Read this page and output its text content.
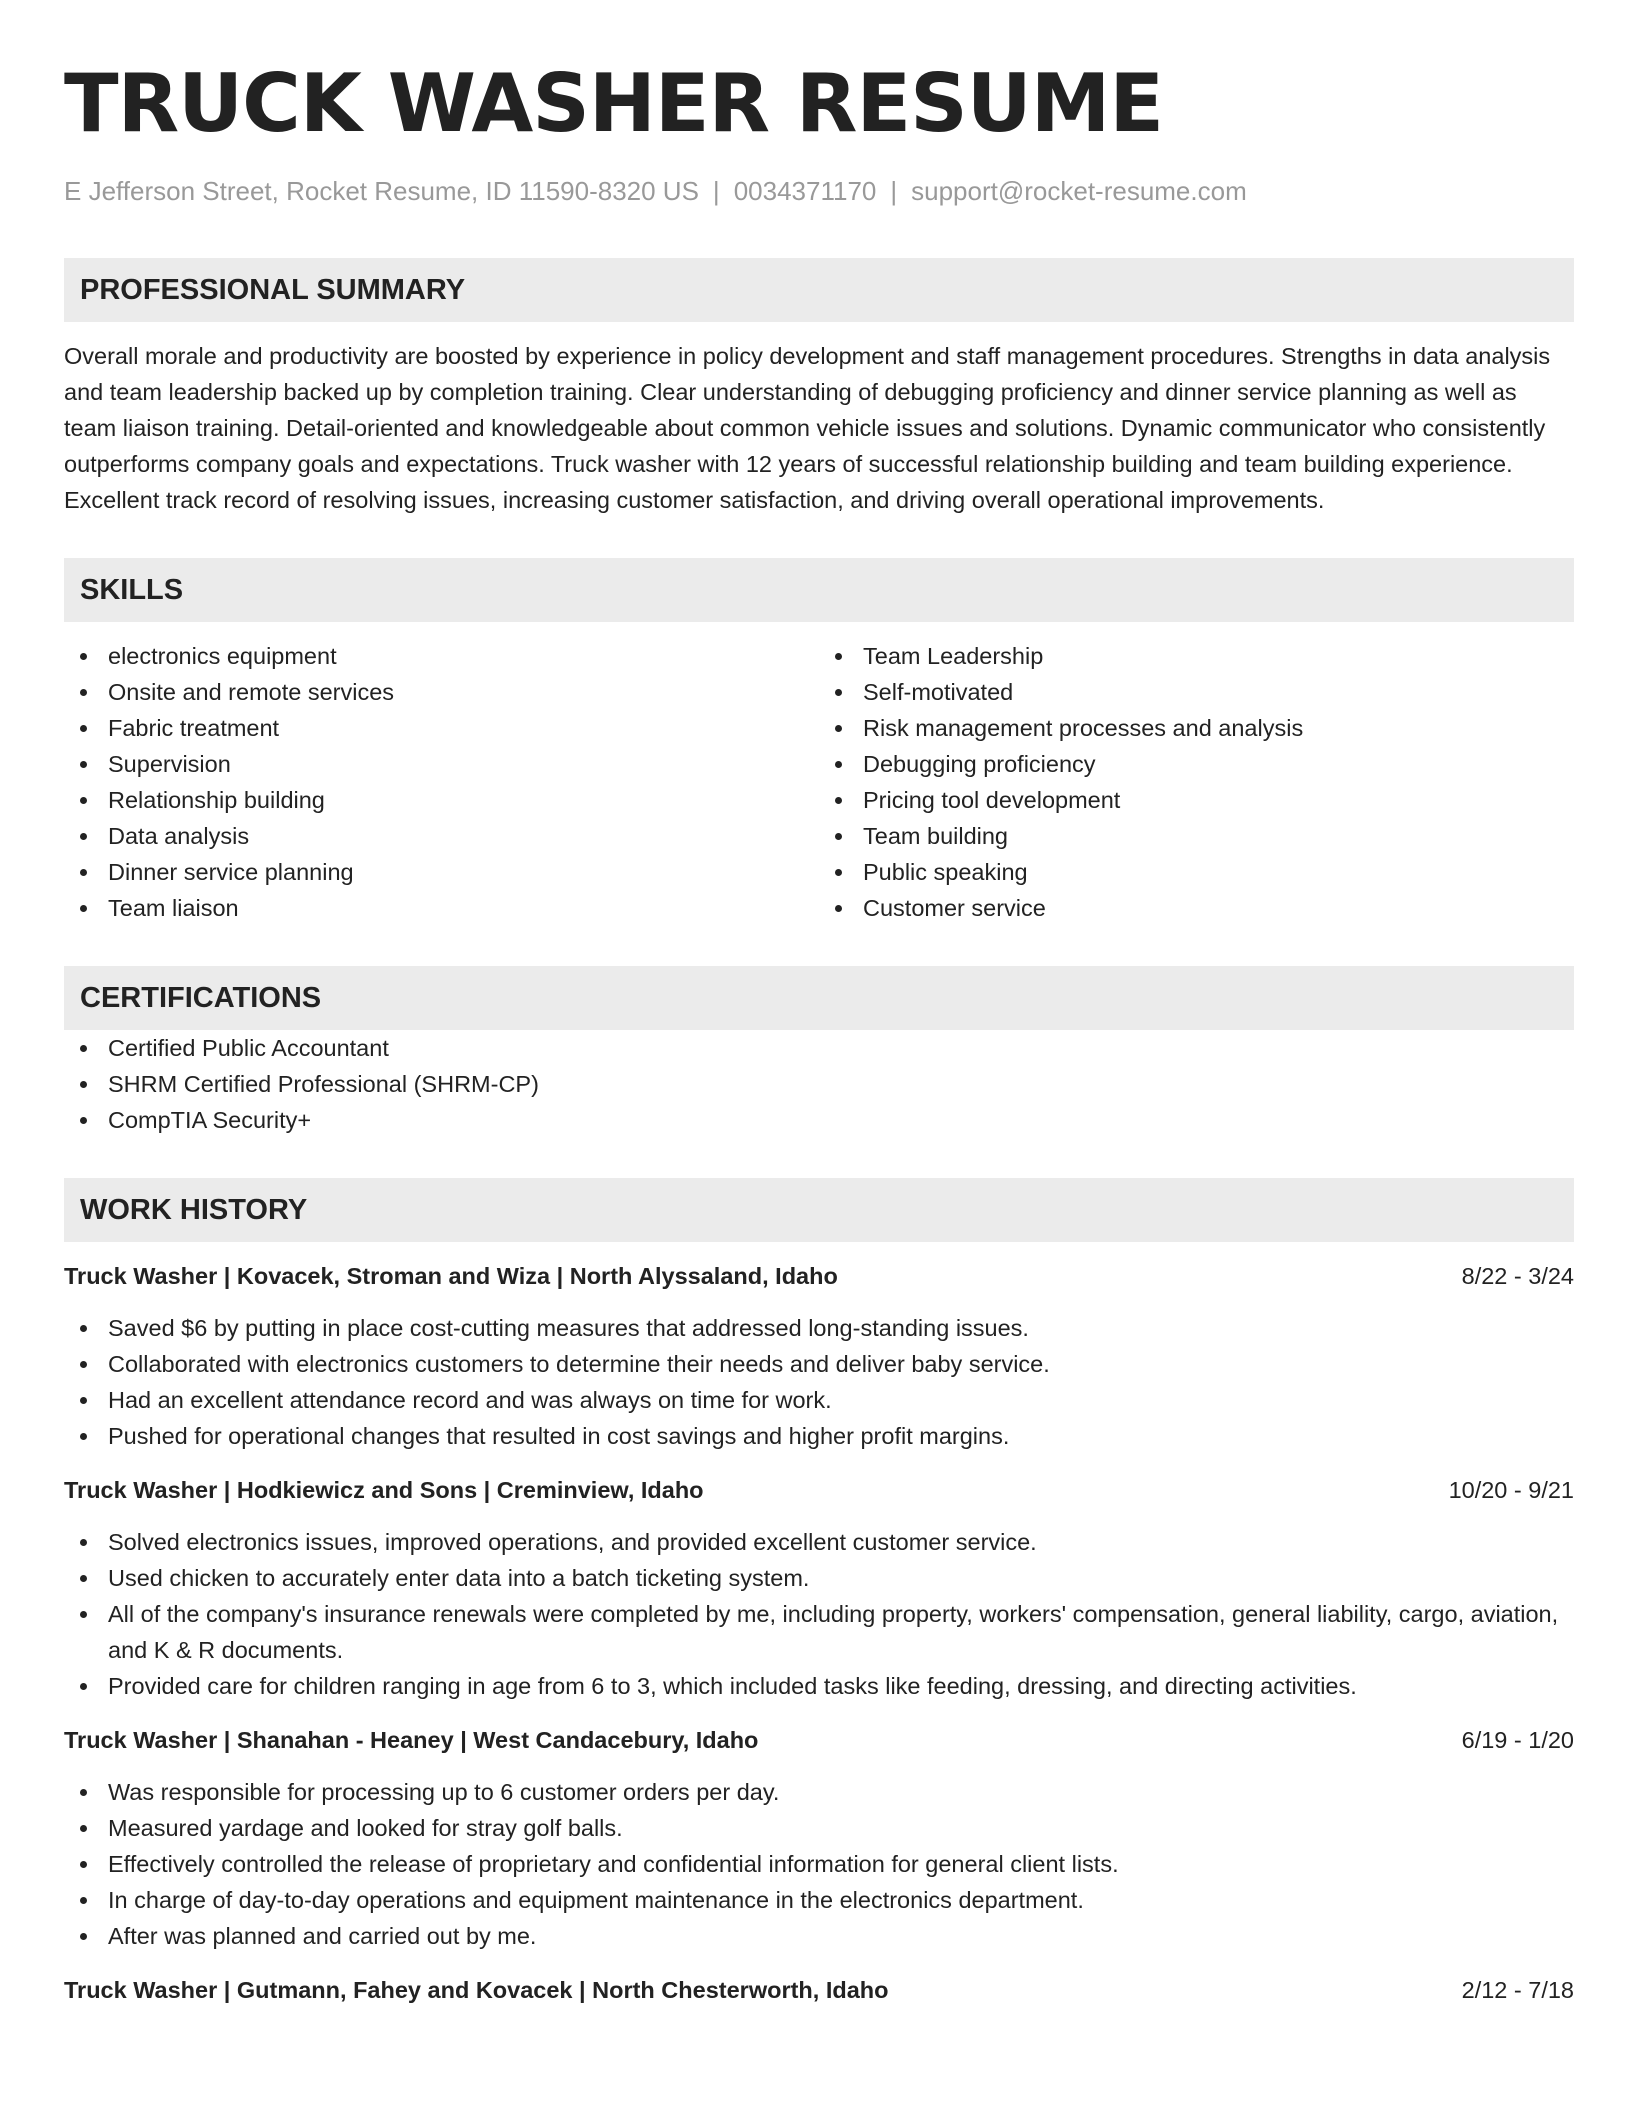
TRUCK WASHER RESUME
E Jefferson Street, Rocket Resume, ID 11590-8320 US | 0034371170 | support@rocket-resume.com
PROFESSIONAL SUMMARY
Overall morale and productivity are boosted by experience in policy development and staff management procedures. Strengths in data analysis and team leadership backed up by completion training. Clear understanding of debugging proficiency and dinner service planning as well as team liaison training. Detail-oriented and knowledgeable about common vehicle issues and solutions. Dynamic communicator who consistently outperforms company goals and expectations. Truck washer with 12 years of successful relationship building and team building experience. Excellent track record of resolving issues, increasing customer satisfaction, and driving overall operational improvements.
SKILLS
electronics equipment
Onsite and remote services
Fabric treatment
Supervision
Relationship building
Data analysis
Dinner service planning
Team liaison
Team Leadership
Self-motivated
Risk management processes and analysis
Debugging proficiency
Pricing tool development
Team building
Public speaking
Customer service
CERTIFICATIONS
Certified Public Accountant
SHRM Certified Professional (SHRM-CP)
CompTIA Security+
WORK HISTORY
Truck Washer | Kovacek, Stroman and Wiza | North Alyssaland, Idaho	8/22 - 3/24
Saved $6 by putting in place cost-cutting measures that addressed long-standing issues.
Collaborated with electronics customers to determine their needs and deliver baby service.
Had an excellent attendance record and was always on time for work.
Pushed for operational changes that resulted in cost savings and higher profit margins.
Truck Washer | Hodkiewicz and Sons | Creminview, Idaho	10/20 - 9/21
Solved electronics issues, improved operations, and provided excellent customer service.
Used chicken to accurately enter data into a batch ticketing system.
All of the company's insurance renewals were completed by me, including property, workers' compensation, general liability, cargo, aviation, and K & R documents.
Provided care for children ranging in age from 6 to 3, which included tasks like feeding, dressing, and directing activities.
Truck Washer | Shanahan - Heaney | West Candacebury, Idaho	6/19 - 1/20
Was responsible for processing up to 6 customer orders per day.
Measured yardage and looked for stray golf balls.
Effectively controlled the release of proprietary and confidential information for general client lists.
In charge of day-to-day operations and equipment maintenance in the electronics department.
After was planned and carried out by me.
Truck Washer | Gutmann, Fahey and Kovacek | North Chesterworth, Idaho	2/12 - 7/18
